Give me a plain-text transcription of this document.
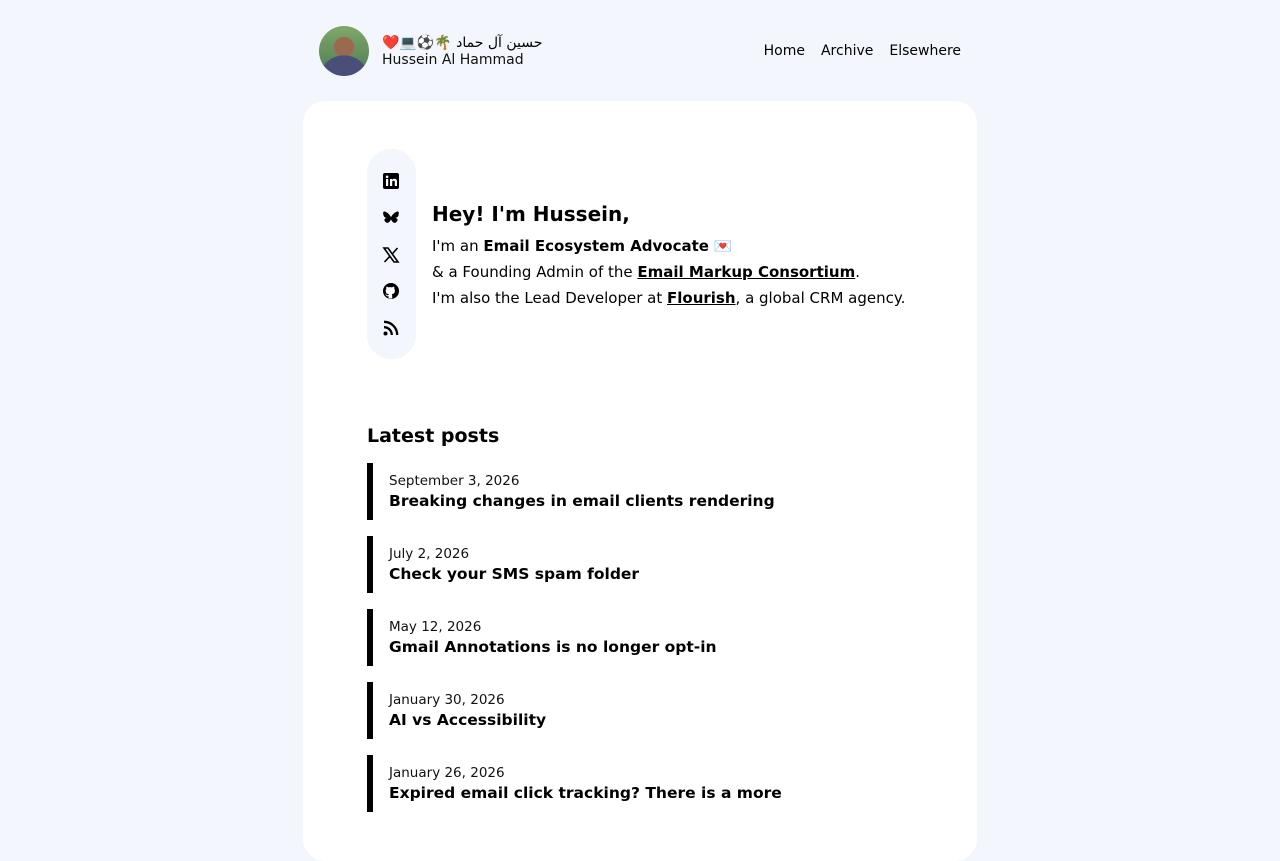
حسين آل حماد 🌴⚽💻❤️
Hussein Al Hammad
Home Archive Elsewhere
Hey! I'm Hussein,

I'm an Email Ecosystem Advocate 💌

& a Founding Admin of the Email Markup Consortium.

I'm also the Lead Developer at Flourish, a global CRM agency.

Latest posts
September 3, 2026
Breaking changes in email clients rendering
July 2, 2026
Check your SMS spam folder
May 12, 2026
Gmail Annotations is no longer opt-in
January 30, 2026
AI vs Accessibility
January 26, 2026
Expired email click tracking? There is a more
